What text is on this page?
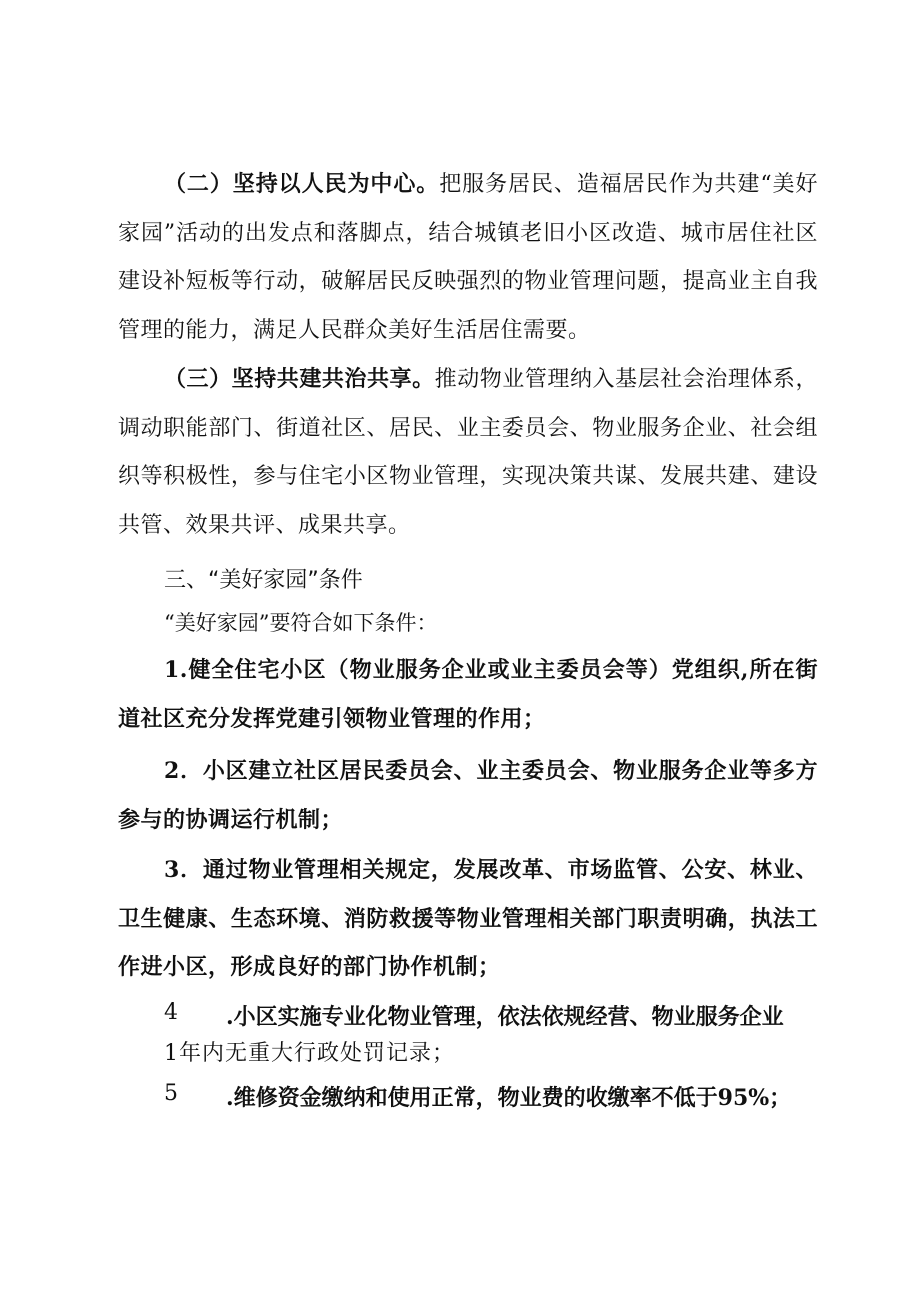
（二）坚持以人民为中心。把服务居民、造福居民作为共建“美好家园”活动的出发点和落脚点，结合城镇老旧小区改造、城市居住社区建设补短板等行动，破解居民反映强烈的物业管理问题，提高业主自我管理的能力，满足人民群众美好生活居住需要。

（三）坚持共建共治共享。推动物业管理纳入基层社会治理体系，调动职能部门、街道社区、居民、业主委员会、物业服务企业、社会组织等积极性，参与住宅小区物业管理，实现决策共谋、发展共建、建设共管、效果共评、成果共享。

三、“美好家园”条件

“美好家园”要符合如下条件：

1.健全住宅小区（物业服务企业或业主委员会等）党组织,所在街道社区充分发挥党建引领物业管理的作用；

2．小区建立社区居民委员会、业主委员会、物业服务企业等多方参与的协调运行机制；

3．通过物业管理相关规定，发展改革、市场监管、公安、林业、卫生健康、生态环境、消防救援等物业管理相关部门职责明确，执法工作进小区，形成良好的部门协作机制；

4 .小区实施专业化物业管理，依法依规经营、物业服务企业

1年内无重大行政处罚记录；

5 .维修资金缴纳和使用正常，物业费的收缴率不低于95%；
